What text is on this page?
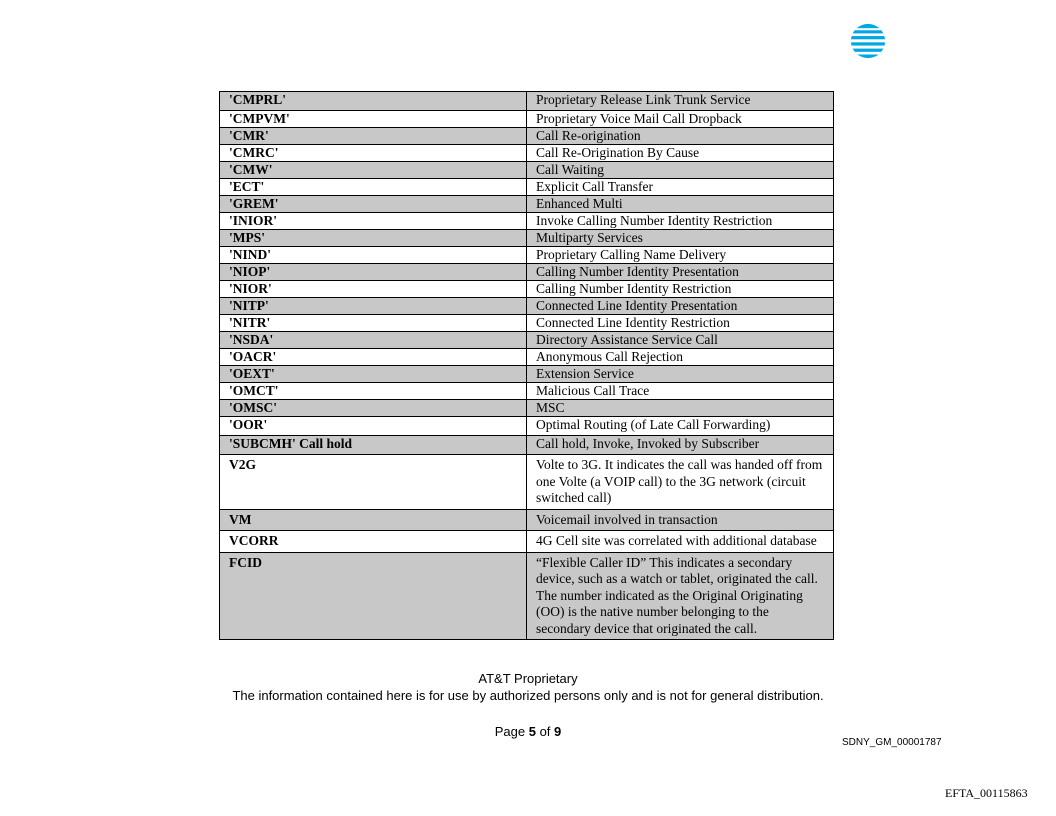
'CMPRL'	Proprietary Release Link Trunk Service
'CMPVM'	Proprietary Voice Mail Call Dropback
'CMR'	Call Re-origination
'CMRC'	Call Re-Origination By Cause
'CMW'	Call Waiting
'ECT'	Explicit Call Transfer
'GREM'	Enhanced Multi
'INIOR'	Invoke Calling Number Identity Restriction
'MPS'	Multiparty Services
'NIND'	Proprietary Calling Name Delivery
'NIOP'	Calling Number Identity Presentation
'NIOR'	Calling Number Identity Restriction
'NITP'	Connected Line Identity Presentation
'NITR'	Connected Line Identity Restriction
'NSDA'	Directory Assistance Service Call
'OACR'	Anonymous Call Rejection
'OEXT'	Extension Service
'OMCT'	Malicious Call Trace
'OMSC'	MSC
'OOR'	Optimal Routing (of Late Call Forwarding)
'SUBCMH' Call hold	Call hold, Invoke, Invoked by Subscriber
V2G	Volte to 3G. It indicates the call was handed off from one Volte (a VOIP call) to the 3G network (circuit switched call)
VM	Voicemail involved in transaction
VCORR	4G Cell site was correlated with additional database
FCID	“Flexible Caller ID” This indicates a secondary device, such as a watch or tablet, originated the call. The number indicated as the Original Originating (OO) is the native number belonging to the secondary device that originated the call.
AT&T Proprietary
The information contained here is for use by authorized persons only and is not for general distribution.
Page 5 of 9
SDNY_GM_00001787
EFTA_00115863
